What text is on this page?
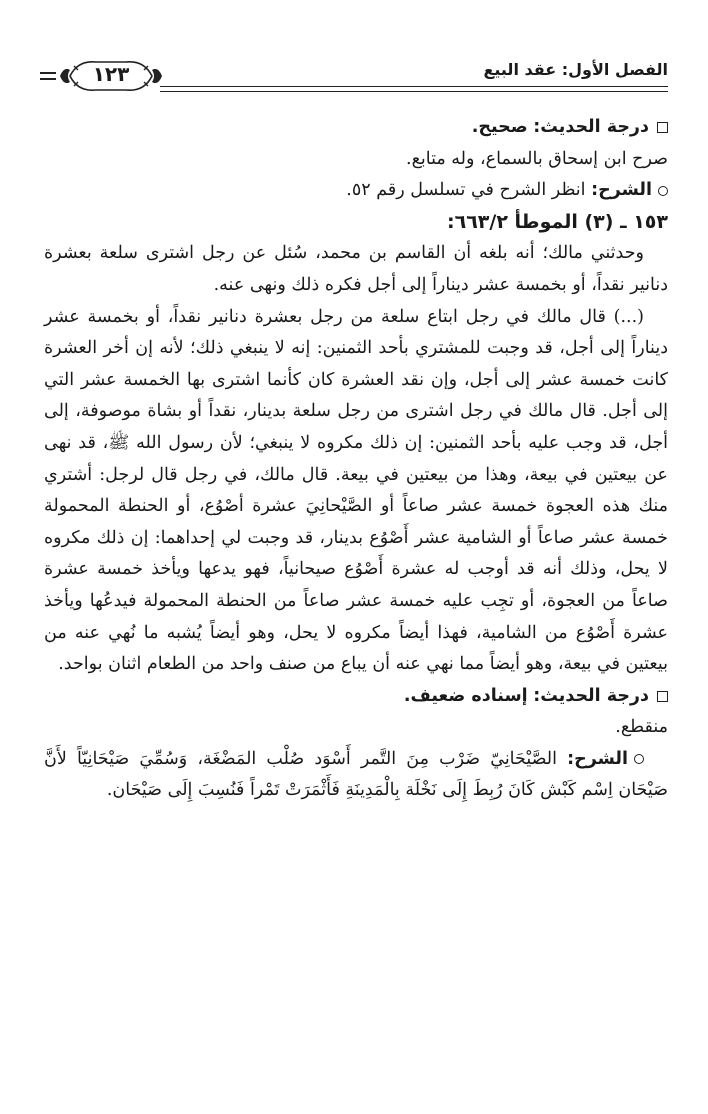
١٢٣	الفصل الأول: عقد البيع

درجة الحديث: صحيح.

صرح ابن إسحاق بالسماع، وله متابع.

الشرح: انظر الشرح في تسلسل رقم ٥٢.

١٥٣ ـ (٣) الموطأ ٦٦٣/٢:

وحدثني مالك؛ أنه بلغه أن القاسم بن محمد، سُئل عن رجل اشترى سلعة بعشرة دنانير نقداً، أو بخمسة عشر ديناراً إلى أجل فكره ذلك ونهى عنه.

(...) قال مالك في رجل ابتاع سلعة من رجل بعشرة دنانير نقداً، أو بخمسة عشر ديناراً إلى أجل، قد وجبت للمشتري بأحد الثمنين: إنه لا ينبغي ذلك؛ لأنه إن أخر العشرة كانت خمسة عشر إلى أجل، وإن نقد العشرة كان كأنما اشترى بها الخمسة عشر التي إلى أجل. قال مالك في رجل اشترى من رجل سلعة بدينار، نقداً أو بشاة موصوفة، إلى أجل، قد وجب عليه بأحد الثمنين: إن ذلك مكروه لا ينبغي؛ لأن رسول الله ﷺ، قد نهى عن بيعتين في بيعة، وهذا من بيعتين في بيعة. قال مالك، في رجل قال لرجل: أشتري منك هذه العجوة خمسة عشر صاعاً أو الصَّيْحانِيَ عشرة أصْوُع، أو الحنطة المحمولة خمسة عشر صاعاً أو الشامية عشر أَصْوُع بدينار، قد وجبت لي إحداهما: إن ذلك مكروه لا يحل، وذلك أنه قد أوجب له عشرة أَصْوُع صيحانياً، فهو يدعها ويأخذ خمسة عشرة صاعاً من العجوة، أو تجِب عليه خمسة عشر صاعاً من الحنطة المحمولة فيدعُها ويأخذ عشرة أَصْوُع من الشامية، فهذا أيضاً مكروه لا يحل، وهو أيضاً يُشبه ما نُهي عنه من بيعتين في بيعة، وهو أيضاً مما نهي عنه أن يباع من صنف واحد من الطعام اثنان بواحد.

درجة الحديث: إسناده ضعيف.

منقطع.

الشرح: الصَّيْحَانِيّ ضَرْب مِنَ التَّمر أَسْوَد صُلْب المَضْغَة، وَسُمِّيَ صَيْحَانِيّاً لأَنَّ صَيْحَان اِسْم كَبْش كَانَ رُبِطَ إِلَى نَخْلَة بِالْمَدِينَةِ فَأَثْمَرَتْ تَمْراً فَنُسِبَ إِلَى صَيْحَان.
